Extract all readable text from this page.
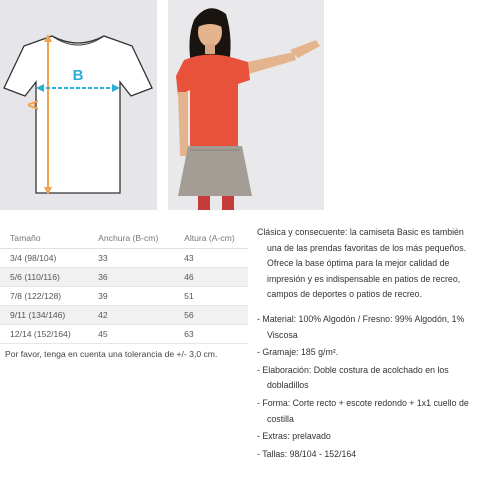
B
A
Tamaño	Anchura (B-cm)	Altura (A-cm)
3/4 (98/104)	33	43
5/6 (110/116)	36	46
7/8 (122/128)	39	51
9/11 (134/146)	42	56
12/14 (152/164)	45	63
Por favor, tenga en cuenta una tolerancia de +/- 3,0 cm.

Clásica y consecuente: la camiseta Basic es también

una de las prendas favoritas de los más pequeños.

Ofrece la base óptima para la mejor calidad de

impresión y es indispensable en patios de recreo,

campos de deportes o patios de recreo.

- Material: 100% Algodón / Fresno: 99% Algodón, 1% Viscosa

- Gramaje: 185 g/m².

- Elaboración: Doble costura de acolchado en los dobladillos

- Forma: Corte recto + escote redondo + 1x1 cuello de costilla

- Extras: prelavado

- Tallas: 98/104 - 152/164
